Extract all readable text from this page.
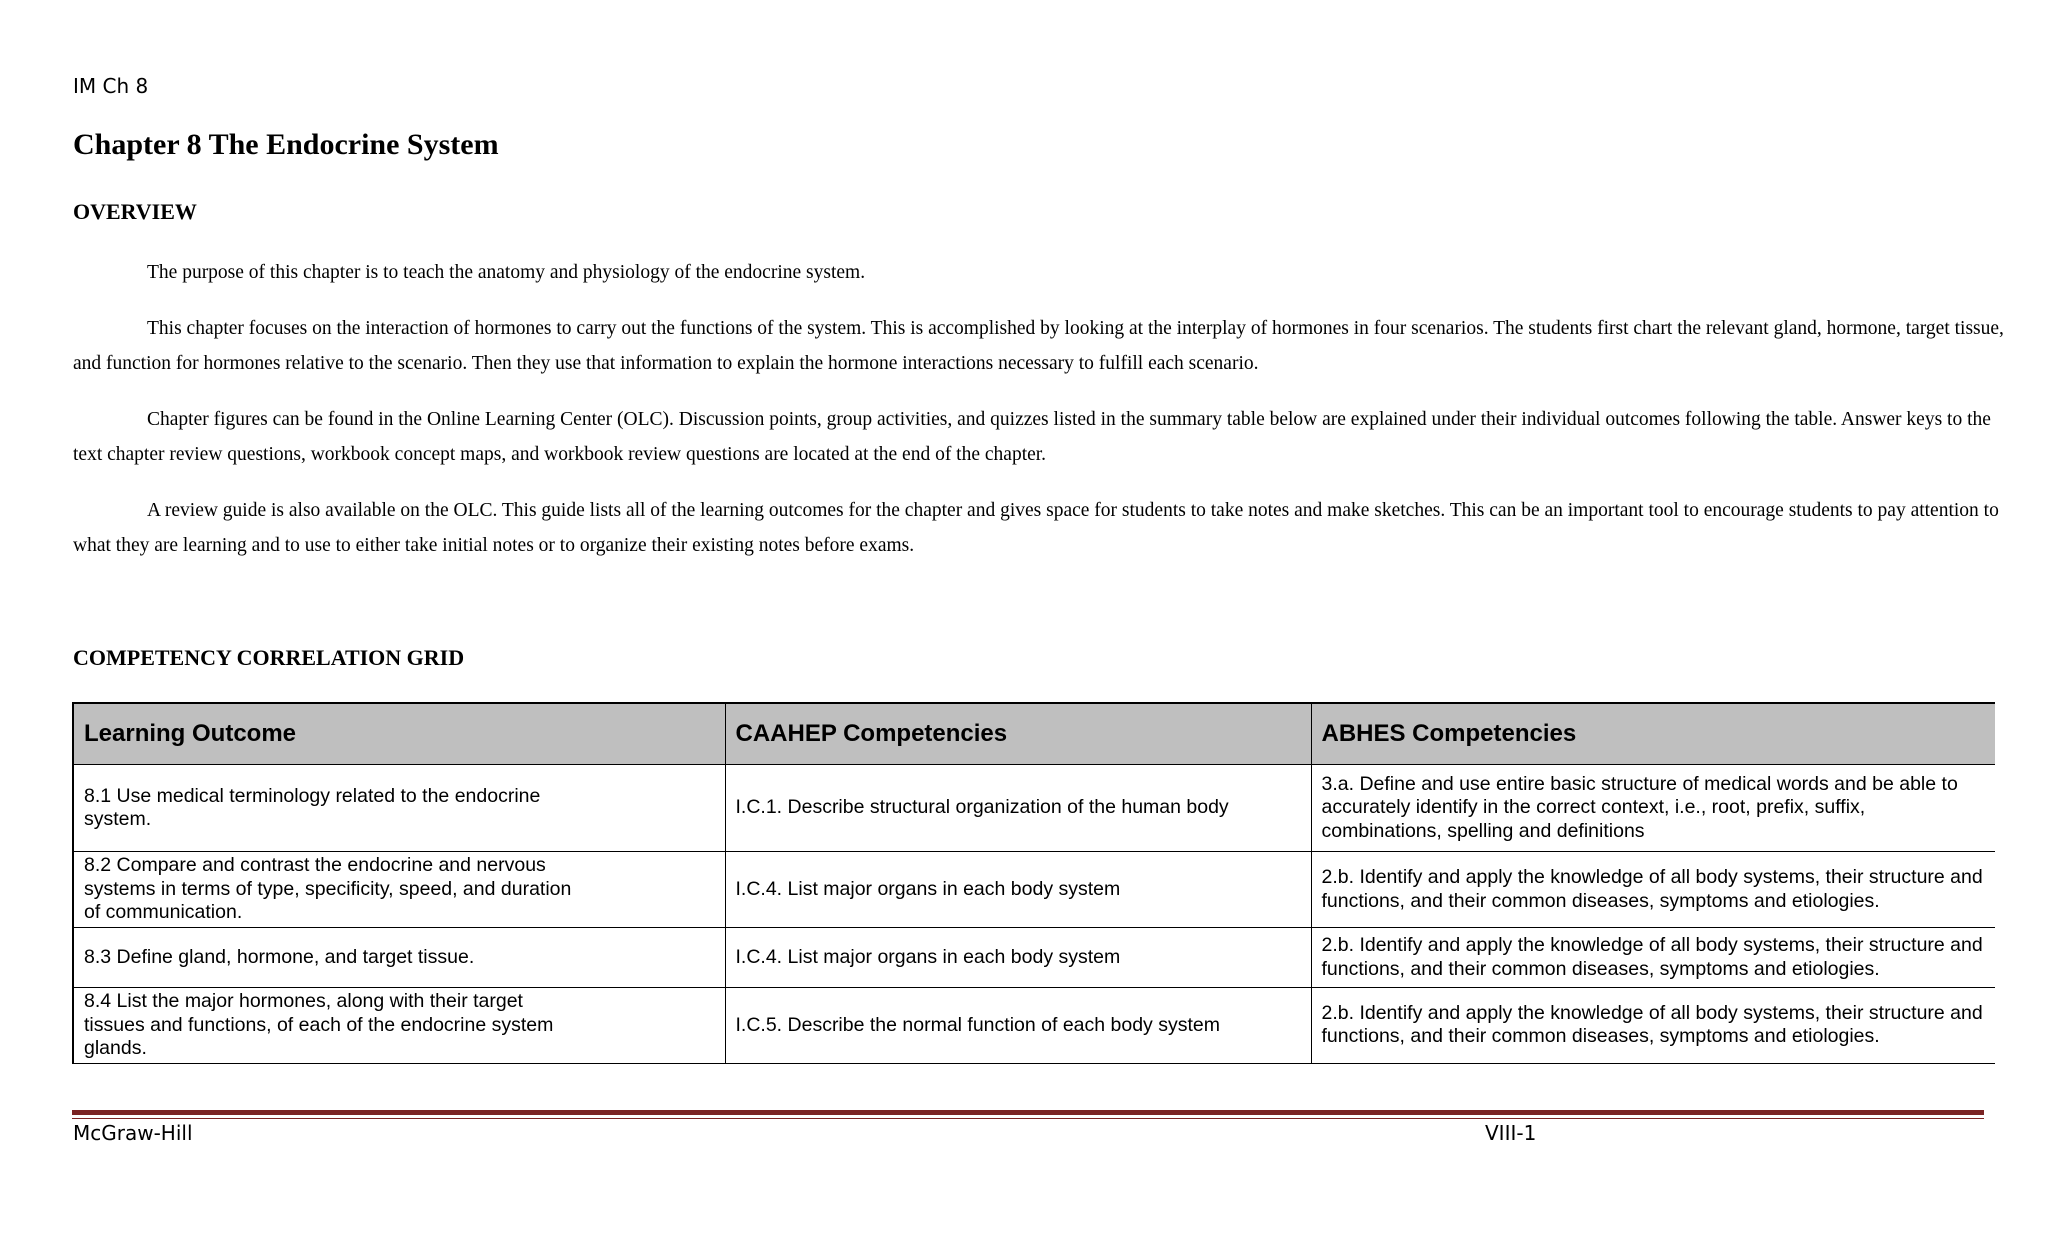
IM Ch 8
Chapter 8 The Endocrine System
OVERVIEW

The purpose of this chapter is to teach the anatomy and physiology of the endocrine system.

This chapter focuses on the interaction of hormones to carry out the functions of the system. This is accomplished by looking at the interplay of hormones in four scenarios. The students first chart the relevant gland, hormone, target tissue, and function for hormones relative to the scenario. Then they use that information to explain the hormone interactions necessary to fulfill each scenario.

Chapter figures can be found in the Online Learning Center (OLC). Discussion points, group activities, and quizzes listed in the summary table below are explained under their individual outcomes following the table. Answer keys to the text chapter review questions, workbook concept maps, and workbook review questions are located at the end of the chapter.

A review guide is also available on the OLC. This guide lists all of the learning outcomes for the chapter and gives space for students to take notes and make sketches. This can be an important tool to encourage students to pay attention to what they are learning and to use to either take initial notes or to organize their existing notes before exams.

COMPETENCY CORRELATION GRID
Learning Outcome	CAAHEP Competencies	ABHES Competencies

8.1 Use medical terminology related to the endocrine system.	I.C.1. Describe structural organization of the human body	3.a. Define and use entire basic structure of medical words and be able to accurately identify in the correct context, i.e., root, prefix, suffix, combinations, spelling and definitions

8.2 Compare and contrast the endocrine and nervous systems in terms of type, specificity, speed, and duration of communication.	I.C.4. List major organs in each body system	2.b. Identify and apply the knowledge of all body systems, their structure and functions, and their common diseases, symptoms and etiologies.

8.3 Define gland, hormone, and target tissue.	I.C.4. List major organs in each body system	2.b. Identify and apply the knowledge of all body systems, their structure and functions, and their common diseases, symptoms and etiologies.

8.4 List the major hormones, along with their target tissues and functions, of each of the endocrine system glands.	I.C.5. Describe the normal function of each body system	2.b. Identify and apply the knowledge of all body systems, their structure and functions, and their common diseases, symptoms and etiologies.
McGraw-Hill	VIII-1
